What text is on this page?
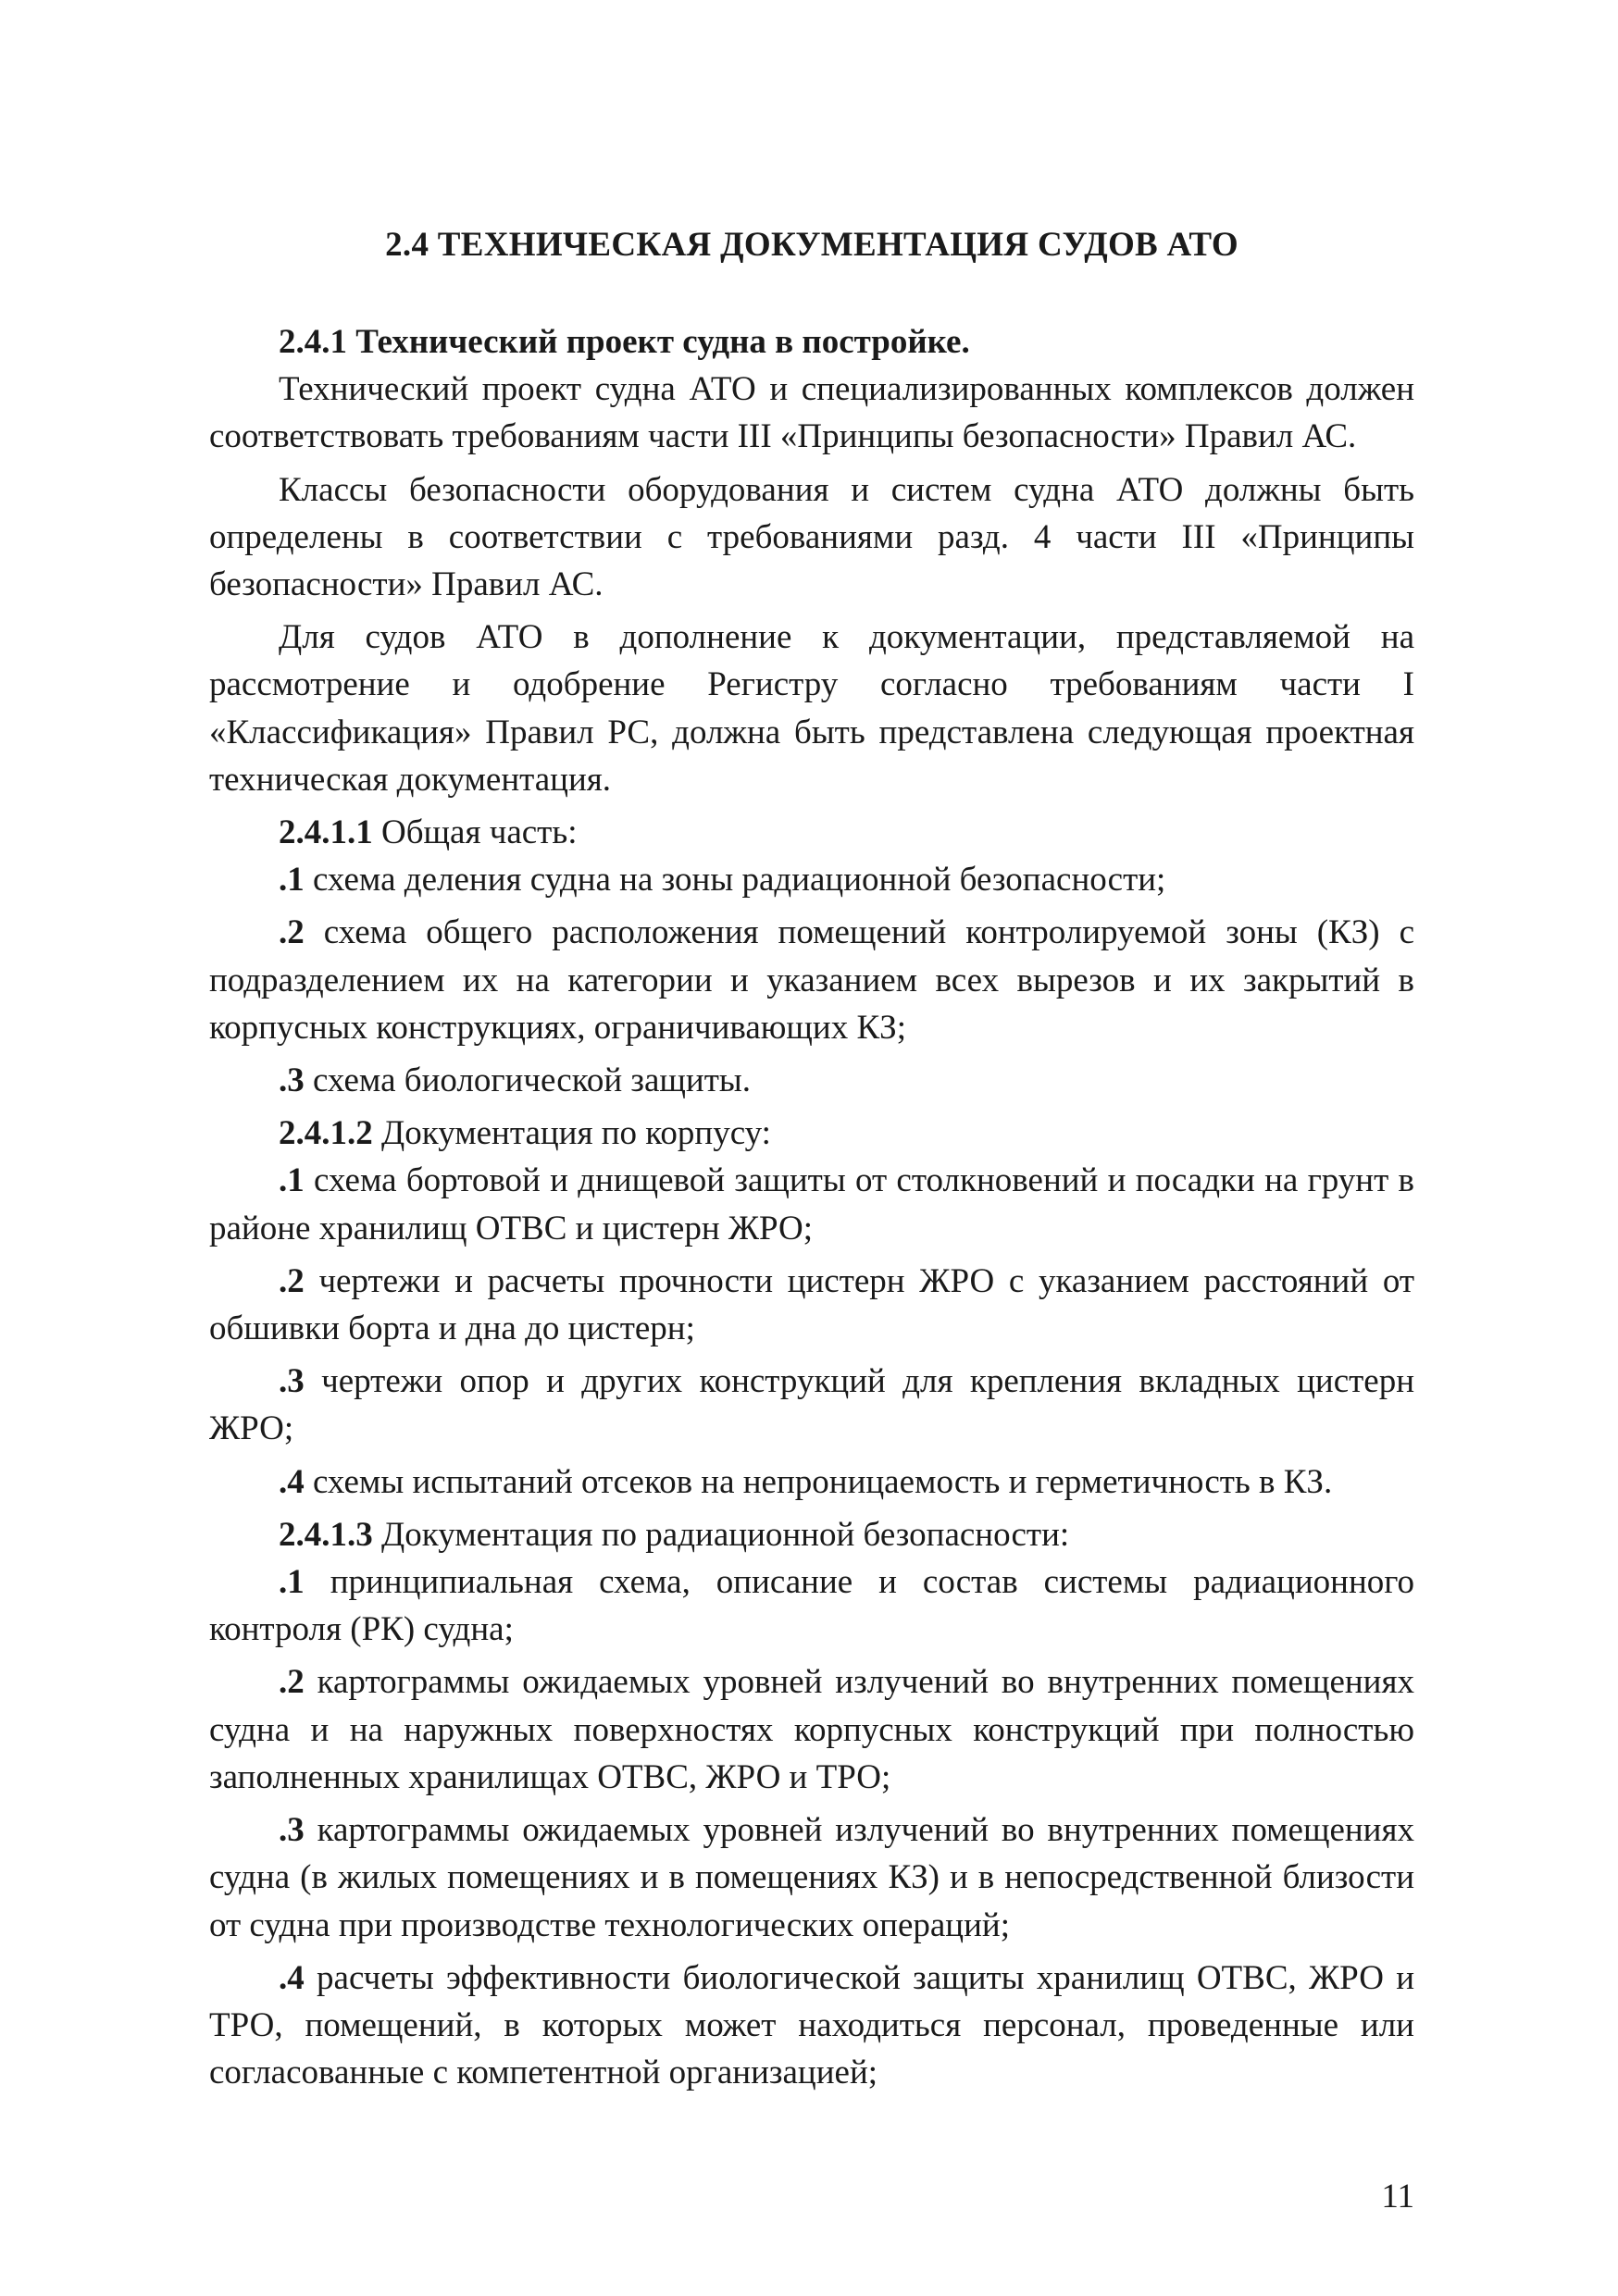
2.4 ТЕХНИЧЕСКАЯ ДОКУМЕНТАЦИЯ СУДОВ АТО

2.4.1 Технический проект судна в постройке.

Технический проект судна АТО и специализированных комплексов должен соответствовать требованиям части III «Принципы безопасности» Правил АС.

Классы безопасности оборудования и систем судна АТО должны быть определены в соответствии с требованиями разд. 4 части III «Принципы безопасности» Правил АС.

Для судов АТО в дополнение к документации, представляемой на рассмотрение и одобрение Регистру согласно требованиям части I «Классификация» Правил РС, должна быть представлена следующая проектная техническая документация.

2.4.1.1 Общая часть:

.1 схема деления судна на зоны радиационной безопасности;

.2 схема общего расположения помещений контролируемой зоны (КЗ) с подразделением их на категории и указанием всех вырезов и их закрытий в корпусных конструкциях, ограничивающих КЗ;

.3 схема биологической защиты.

2.4.1.2 Документация по корпусу:

.1 схема бортовой и днищевой защиты от столкновений и посадки на грунт в районе хранилищ ОТВС и цистерн ЖРО;

.2 чертежи и расчеты прочности цистерн ЖРО с указанием расстояний от обшивки борта и дна до цистерн;

.3 чертежи опор и других конструкций для крепления вкладных цистерн ЖРО;

.4 схемы испытаний отсеков на непроницаемость и герметичность в КЗ.

2.4.1.3 Документация по радиационной безопасности:

.1 принципиальная схема, описание и состав системы радиационного контроля (РК) судна;

.2 картограммы ожидаемых уровней излучений во внутренних помещениях судна и на наружных поверхностях корпусных конструкций при полностью заполненных хранилищах ОТВС, ЖРО и ТРО;

.3 картограммы ожидаемых уровней излучений во внутренних помещениях судна (в жилых помещениях и в помещениях КЗ) и в непосредственной близости от судна при производстве технологических операций;

.4 расчеты эффективности биологической защиты хранилищ ОТВС, ЖРО и ТРО, помещений, в которых может находиться персонал, проведенные или согласованные с компетентной организацией;

11
